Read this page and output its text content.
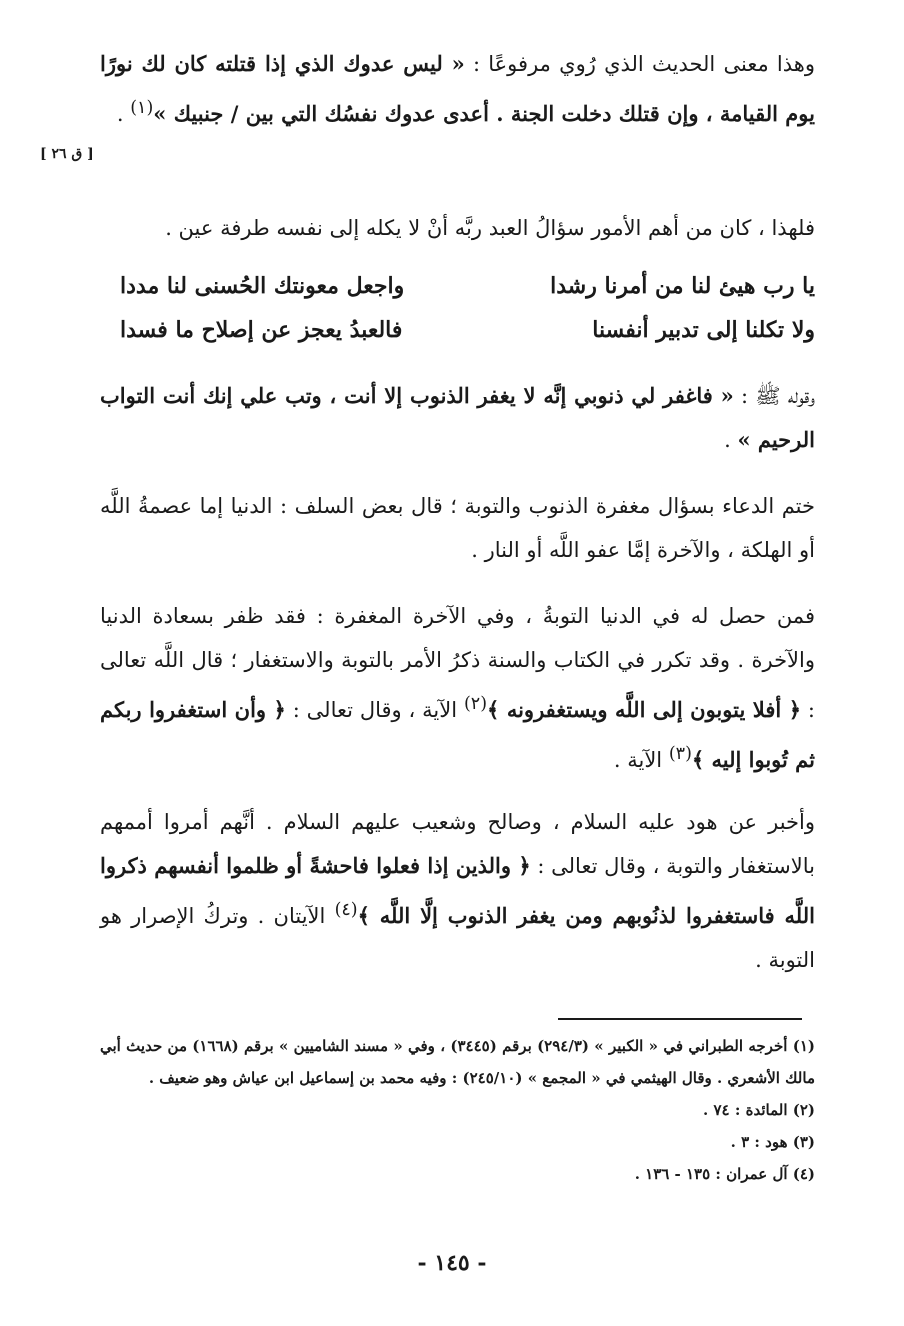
وهذا معنى الحديث الذي رُوي مرفوعًا : « ليس عدوك الذي إذا قتلته كان لك نورًا يوم القيامة ، وإن قتلك دخلت الجنة . أعدى عدوك نفسُك التي بين / جنبيك »$^{(١)}$ .

[ ق ٢٦ ]

فلهذا ، كان من أهم الأمور سؤالُ العبد ربَّه أنْ لا يكله إلى نفسه طرفة عين .

يا رب هيئ لنا من أمرنا رشدا
واجعل معونتك الحُسنى لنا مددا
ولا تكلنا إلى تدبير أنفسنا
فالعبدُ يعجز عن إصلاح ما فسدا

وقوله ﷺ : « فاغفر لي ذنوبي إنَّه لا يغفر الذنوب إلا أنت ، وتب علي إنك أنت التواب الرحيم » .

ختم الدعاء بسؤال مغفرة الذنوب والتوبة ؛ قال بعض السلف : الدنيا إما عصمةُ اللَّه أو الهلكة ، والآخرة إمَّا عفو اللَّه أو النار .

فمن حصل له في الدنيا التوبةُ ، وفي الآخرة المغفرة : فقد ظفر بسعادة الدنيا والآخرة . وقد تكرر في الكتاب والسنة ذكرُ الأمر بالتوبة والاستغفار ؛ قال اللَّه تعالى : ﴿ أفلا يتوبون إلى اللَّه ويستغفرونه ﴾$^{(٢)}$ الآية ، وقال تعالى : ﴿ وأن استغفروا ربكم ثم تُوبوا إليه ﴾$^{(٣)}$ الآية .

وأخبر عن هود عليه السلام ، وصالح وشعيب عليهم السلام . أنَّهم أمروا أممهم بالاستغفار والتوبة ، وقال تعالى : ﴿ والذين إذا فعلوا فاحشةً أو ظلموا أنفسهم ذكروا اللَّه فاستغفروا لذنُوبهم ومن يغفر الذنوب إلَّا اللَّه ﴾$^{(٤)}$ الآيتان . وتركُ الإصرار هو التوبة .

(١) أخرجه الطبراني في « الكبير » (٢٩٤/٣) برقم (٣٤٤٥) ، وفي « مسند الشاميين » برقم (١٦٦٨) من حديث أبي مالك الأشعري . وقال الهيثمي في « المجمع » (٢٤٥/١٠) : وفيه محمد بن إسماعيل ابن عياش وهو ضعيف .

(٢) المائدة : ٧٤ .

(٣) هود : ٣ .

(٤) آل عمران : ١٣٥ - ١٣٦ .

- ١٤٥ -
